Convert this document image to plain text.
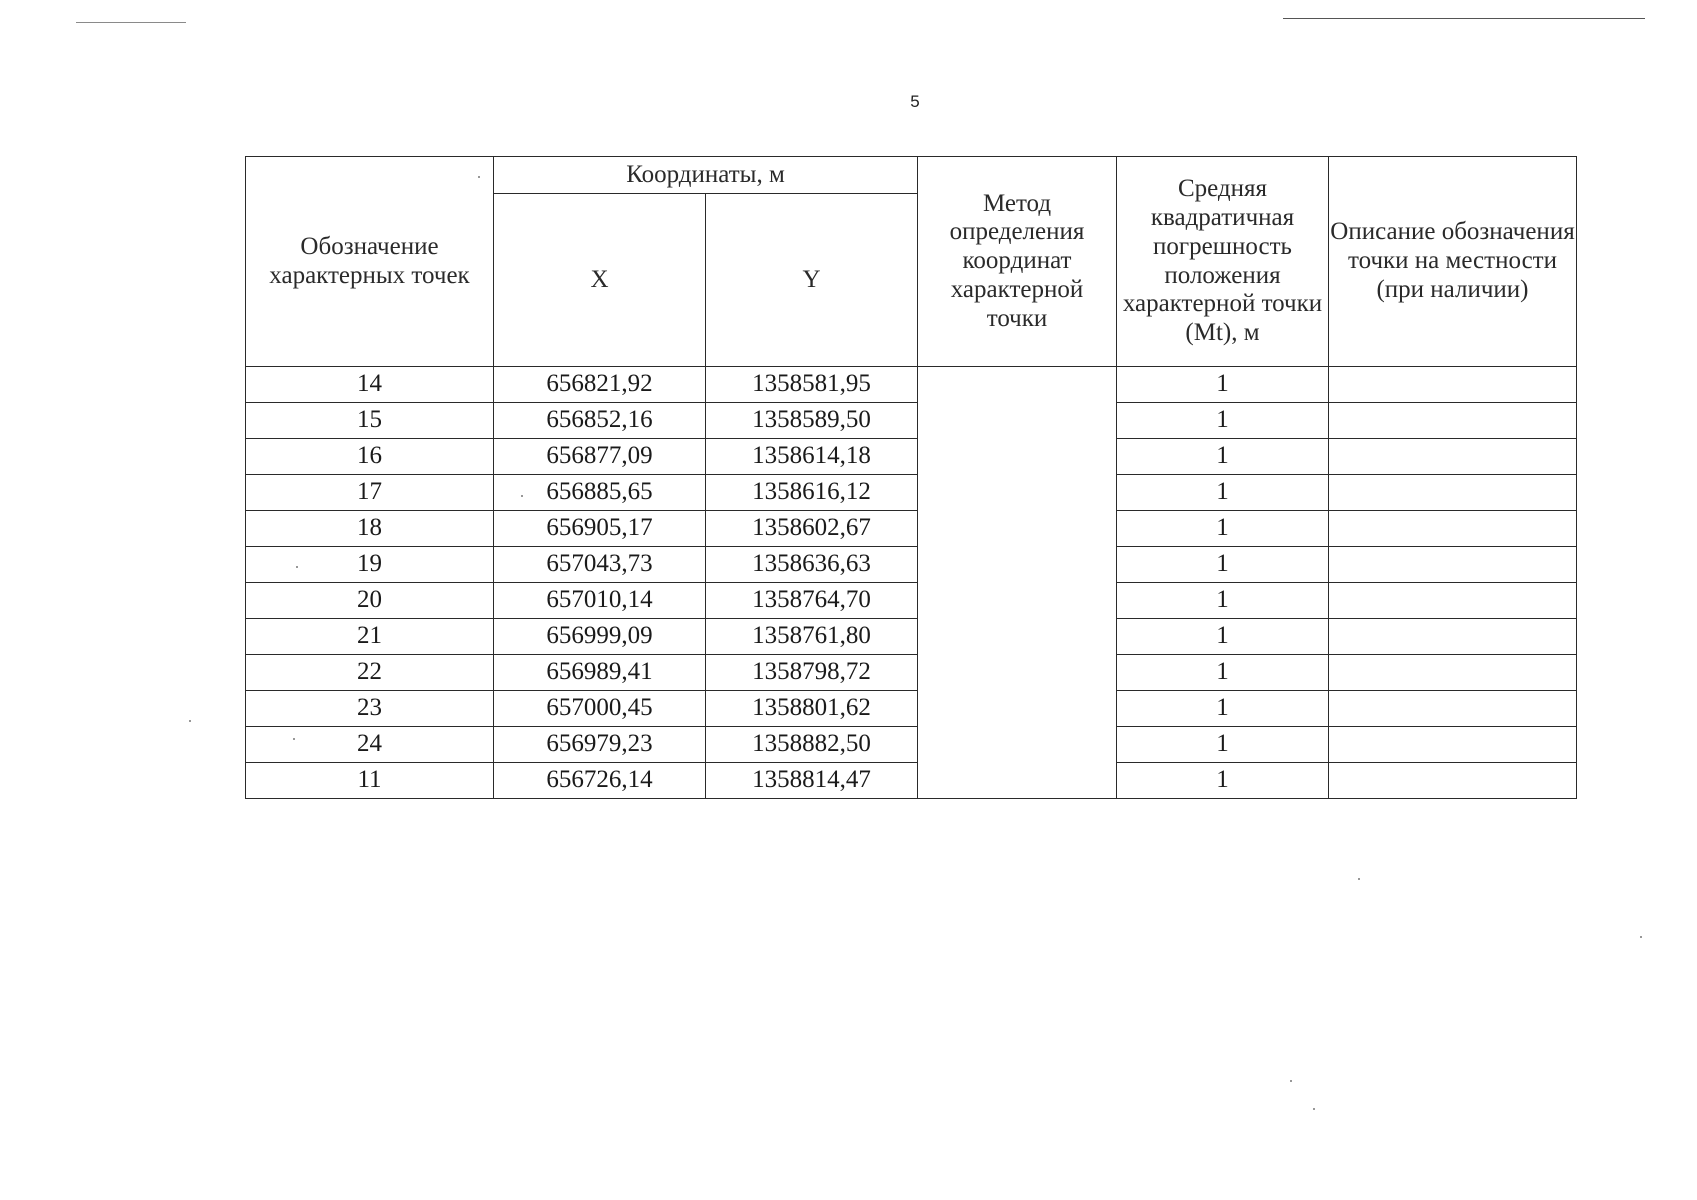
5
Обозначение характерных точек	Координаты, м		Метод определения координат характерной точки	Средняя квадратичная погрешность положения характерной точки (Mt), м	Описание обозначения точки на местности (при наличии)
	X	Y			
14	656821,92	1358581,95		1	
15	656852,16	1358589,50		1	
16	656877,09	1358614,18		1	
17	656885,65	1358616,12		1	
18	656905,17	1358602,67		1	
19	657043,73	1358636,63		1	
20	657010,14	1358764,70		1	
21	656999,09	1358761,80		1	
22	656989,41	1358798,72		1	
23	657000,45	1358801,62		1	
24	656979,23	1358882,50		1	
11	656726,14	1358814,47		1	
